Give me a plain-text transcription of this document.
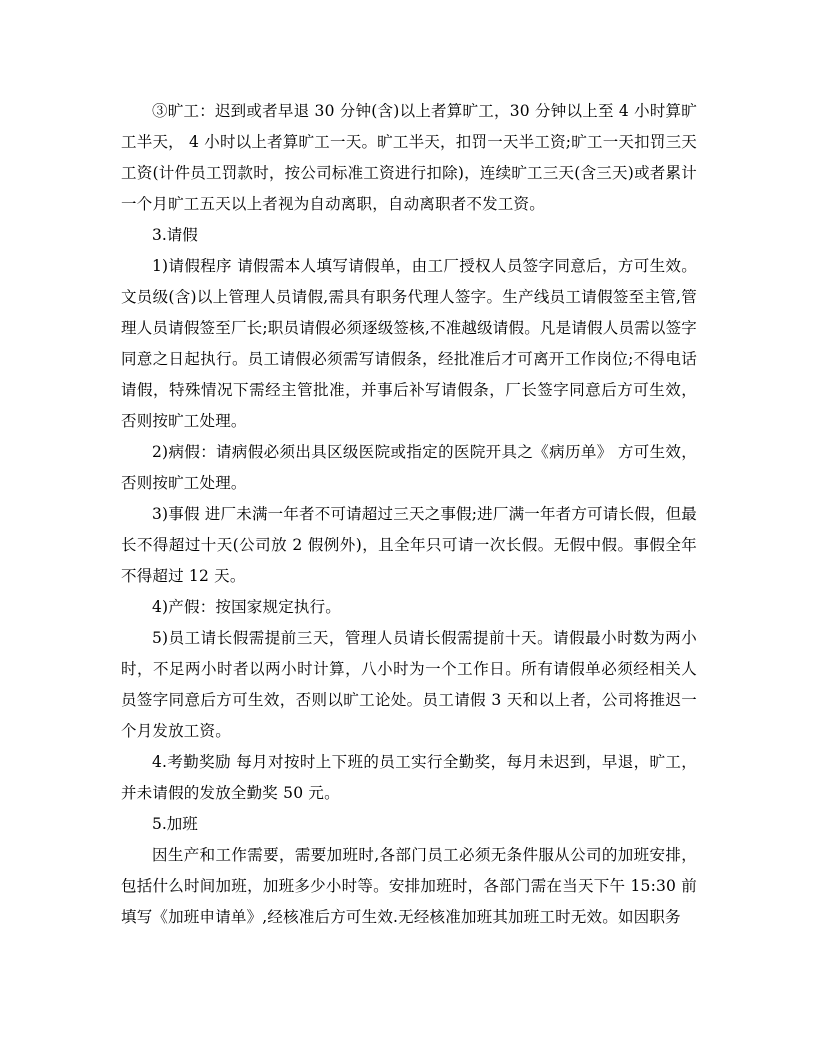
③旷工：迟到或者早退 30 分钟(含)以上者算旷工，30 分钟以上至 4 小时算旷工半天， 4 小时以上者算旷工一天。旷工半天，扣罚一天半工资;旷工一天扣罚三天工资(计件员工罚款时，按公司标准工资进行扣除)，连续旷工三天(含三天)或者累计一个月旷工五天以上者视为自动离职，自动离职者不发工资。

3.请假

1)请假程序 请假需本人填写请假单，由工厂授权人员签字同意后，方可生效。文员级(含)以上管理人员请假,需具有职务代理人签字。生产线员工请假签至主管,管理人员请假签至厂长;职员请假必须逐级签核,不准越级请假。凡是请假人员需以签字同意之日起执行。员工请假必须需写请假条，经批准后才可离开工作岗位;不得电话请假，特殊情况下需经主管批准，并事后补写请假条，厂长签字同意后方可生效，否则按旷工处理。

2)病假：请病假必须出具区级医院或指定的医院开具之《病历单》 方可生效，否则按旷工处理。

3)事假 进厂未满一年者不可请超过三天之事假;进厂满一年者方可请长假，但最长不得超过十天(公司放 2 假例外)，且全年只可请一次长假。无假中假。事假全年不得超过 12 天。

4)产假：按国家规定执行。

5)员工请长假需提前三天，管理人员请长假需提前十天。请假最小时数为两小时，不足两小时者以两小时计算，八小时为一个工作日。所有请假单必须经相关人员签字同意后方可生效，否则以旷工论处。员工请假 3 天和以上者，公司将推迟一个月发放工资。

4.考勤奖励 每月对按时上下班的员工实行全勤奖，每月未迟到，早退，旷工，并未请假的发放全勤奖 50 元。

5.加班

因生产和工作需要，需要加班时,各部门员工必须无条件服从公司的加班安排，包括什么时间加班，加班多少小时等。安排加班时，各部门需在当天下午 15:30 前填写《加班申请单》,经核准后方可生效.无经核准加班其加班工时无效。如因职务
